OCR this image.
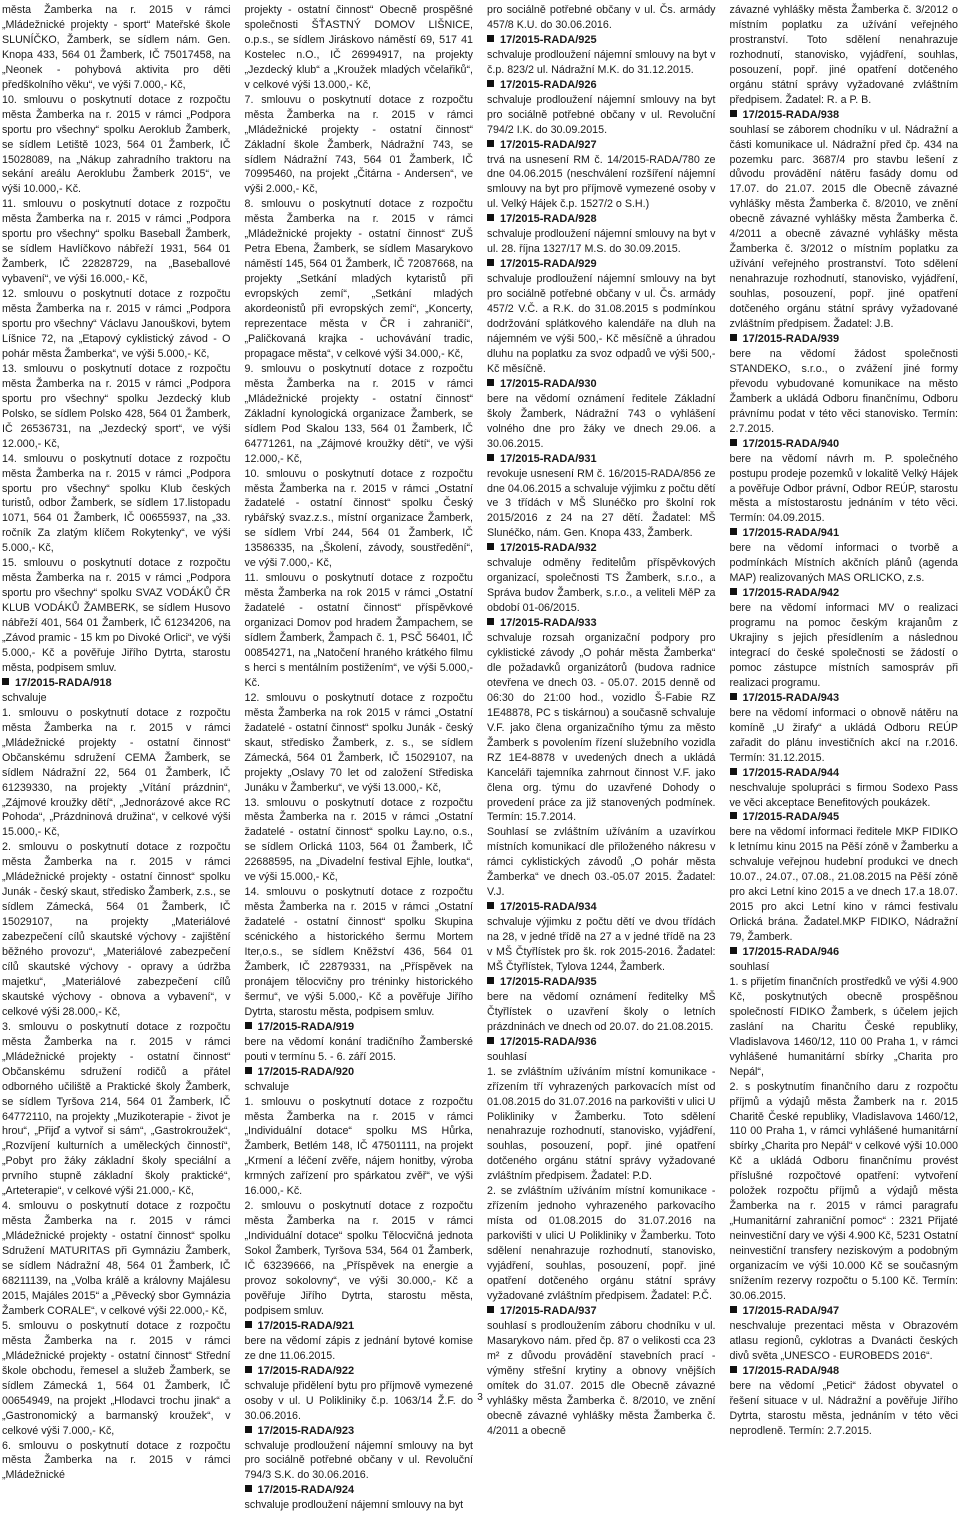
města Žamberka na r. 2015 v rámci „Mládežnické projekty - sport“ Mateřské škole SLUNÍČKO, Žamberk, se sídlem nám. Gen. Knopa 433, 564 01 Žamberk, IČ 75017458, na „Neonek - pohybová aktivita pro děti předškolního věku“, ve výši 7.000,- Kč,

10. smlouvu o poskytnutí dotace z rozpočtu města Žamberka na r. 2015 v rámci „Podpora sportu pro všechny“ spolku Aeroklub Žamberk, se sídlem Letiště 1023, 564 01 Žamberk, IČ 15028089, na „Nákup zahradního traktoru na sekání areálu Aeroklubu Žamberk 2015“, ve výši 10.000,- Kč.

11. smlouvu o poskytnutí dotace z rozpočtu města Žamberka na r. 2015 v rámci „Podpora sportu pro všechny“ spolku Baseball Žamberk, se sídlem Havlíčkovo nábřeží 1931, 564 01 Žamberk, IČ 22828729, na „Baseballové vybavení“, ve výši 16.000,- Kč,

12. smlouvu o poskytnutí dotace z rozpočtu města Žamberka na r. 2015 v rámci „Podpora sportu pro všechny“ Václavu Janouškovi, bytem Líšnice 72, na „Etapový cyklistický závod - O pohár města Žamberka“, ve výši 5.000,- Kč,

13. smlouvu o poskytnutí dotace z rozpočtu města Žamberka na r. 2015 v rámci „Podpora sportu pro všechny“ spolku Jezdecký klub Polsko, se sídlem Polsko 428, 564 01 Žamberk, IČ 26536731, na „Jezdecký sport“, ve výši 12.000,- Kč,

14. smlouvu o poskytnutí dotace z rozpočtu města Žamberka na r. 2015 v rámci „Podpora sportu pro všechny“ spolku Klub českých turistů, odbor Žamberk, se sídlem 17.listopadu 1071, 564 01 Žamberk, IČ 00655937, na „33. ročník Za zlatým klíčem Rokytenky“, ve výši 5.000,- Kč,

15. smlouvu o poskytnutí dotace z rozpočtu města Žamberka na r. 2015 v rámci „Podpora sportu pro všechny“ spolku SVAZ VODÁKŮ ČR KLUB VODÁKŮ ŽAMBERK, se sídlem Husovo nábřeží 401, 564 01 Žamberk, IČ 61234206, na „Závod pramic - 15 km po Divoké Orlici“, ve výši 5.000,- Kč a pověřuje Jiřího Dytrta, starostu města, podpisem smluv.

17/2015-RADA/918

schvaluje

1. smlouvu o poskytnutí dotace z rozpočtu města Žamberka na r. 2015 v rámci „Mládežnické projekty - ostatní činnost“ Občanskému sdružení CEMA Žamberk, se sídlem Nádražní 22, 564 01 Žamberk, IČ 61239330, na projekty „Vítání prázdnin“, „Zájmové kroužky dětí“, „Jednorázové akce RC Pohoda“, „Prázdninová družina“, v celkové výši 15.000,- Kč,

2. smlouvu o poskytnutí dotace z rozpočtu města Žamberka na r. 2015 v rámci „Mládežnické projekty - ostatní činnost“ spolku Junák - český skaut, středisko Žamberk, z.s., se sídlem Zámecká, 564 01 Žamberk, IČ 15029107, na projekty „Materiálové zabezpečení cílů skautské výchovy - zajištění běžného provozu“, „Materiálové zabezpečení cílů skautské výchovy - opravy a údržba majetku“, „Materiálové zabezpečení cílů skautské výchovy - obnova a vybavení“, v celkové výši 28.000,- Kč,

3. smlouvu o poskytnutí dotace z rozpočtu města Žamberka na r. 2015 v rámci „Mládežnické projekty - ostatní činnost“ Občanskému sdružení rodičů a přátel odborného učiliště a Praktické školy Žamberk, se sídlem Tyršova 214, 564 01 Žamberk, IČ 64772110, na projekty „Muzikoterapie - život je hrou“, „Přijď a vytvoř si sám“, „Gastrokroužek“, „Rozvíjení kulturních a uměleckých činností“, „Pobyt pro žáky základní školy speciální a prvního stupně základní školy praktické“, „Arteterapie“, v celkové výši 21.000,- Kč,

4. smlouvu o poskytnutí dotace z rozpočtu města Žamberka na r. 2015 v rámci „Mládežnické projekty - ostatní činnost“ spolku Sdružení MATURITAS při Gymnáziu Žamberk, se sídlem Nádražní 48, 564 01 Žamberk, IČ 68211139, na „Volba králě a královny Majálesu 2015, Majáles 2015“ a „Pěvecký sbor Gymnázia Žamberk CORALE“, v celkové výši 22.000,- Kč,

5. smlouvu o poskytnutí dotace z rozpočtu města Žamberka na r. 2015 v rámci „Mládežnické projekty - ostatní činnost“ Střední škole obchodu, řemesel a služeb Žamberk, se sídlem Zámecká 1, 564 01 Žamberk, IČ 00654949, na projekt „Hlodavci trochu jinak“ a „Gastronomický a barmanský kroužek“, v celkové výši 7.000,- Kč,

6. smlouvu o poskytnutí dotace z rozpočtu města Žamberka na r. 2015 v rámci „Mládežnické

projekty - ostatní činnost“ Obecně prospěšné společnosti ŠŤASTNÝ DOMOV LIŠNICE, o.p.s., se sídlem Jiráskovo náměstí 69, 517 41 Kostelec n.O., IČ 26994917, na projekty „Jezdecký klub“ a „Kroužek mladých včelařiků“, v celkové výši 13.000,- Kč,

7. smlouvu o poskytnutí dotace z rozpočtu města Žamberka na r. 2015 v rámci „Mládežnické projekty - ostatní činnost“ Základní škole Žamberk, Nádražní 743, se sídlem Nádražní 743, 564 01 Žamberk, IČ 70995460, na projekt „Čitárna - Andersen“, ve výši 2.000,- Kč,

8. smlouvu o poskytnutí dotace z rozpočtu města Žamberka na r. 2015 v rámci „Mládežnické projekty - ostatní činnost“ ZUŠ Petra Ebena, Žamberk, se sídlem Masarykovo náměstí 145, 564 01 Žamberk, IČ 72087668, na projekty „Setkání mladých kytaristů při evropských zemí“, „Setkání mladých akordeonistů při evropských zemí“, „Koncerty, reprezentace města v ČR i zahraničí“, „Paličkovaná krajka - uchovávání tradic, propagace města“, v celkové výši 34.000,- Kč,

9. smlouvu o poskytnutí dotace z rozpočtu města Žamberka na r. 2015 v rámci „Mládežnické projekty - ostatní činnost“ Základní kynologická organizace Žamberk, se sídlem Pod Skalou 133, 564 01 Žamberk, IČ 64771261, na „Zájmové kroužky dětí“, ve výši 12.000,- Kč,

10. smlouvu o poskytnutí dotace z rozpočtu města Žamberka na r. 2015 v rámci „Ostatní žadatelé - ostatní činnost“ spolku Český rybářský svaz.z.s., místní organizace Žamberk, se sídlem Vrbí 244, 564 01 Žamberk, IČ 13586335, na „Školení, závody, soustředění“, ve výši 7.000,- Kč,

11. smlouvu o poskytnutí dotace z rozpočtu města Žamberka na rok 2015 v rámci „Ostatní žadatelé - ostatní činnost“ příspěvkové organizaci Domov pod hradem Žampachem, se sídlem Žamberk, Žampach č. 1, PSČ 56401, IČ 00854271, na „Natočení hraného krátkého filmu s herci s mentálním postižením“, ve výši 5.000,- Kč.

12. smlouvu o poskytnutí dotace z rozpočtu města Žamberka na rok 2015 v rámci „Ostatní žadatelé - ostatní činnost“ spolku Junák - český skaut, středisko Žamberk, z. s., se sídlem Zámecká, 564 01 Žamberk, IČ 15029107, na projekty „Oslavy 70 let od založení Střediska Junáku v Žamberku“, ve výši 13.000,- Kč,

13. smlouvu o poskytnutí dotace z rozpočtu města Žamberka na r. 2015 v rámci „Ostatní žadatelé - ostatní činnost“ spolku Lay.no, o.s., se sídlem Orlická 1103, 564 01 Žamberk, IČ 22688595, na „Divadelní festival Ejhle, loutka“, ve výši 15.000,- Kč,

14. smlouvu o poskytnutí dotace z rozpočtu města Žamberka na r. 2015 v rámci „Ostatní žadatelé - ostatní činnost“ spolku Skupina scénického a historického šermu Mortem Iter,o.s., se sídlem Kněžství 436, 564 01 Žamberk, IČ 22879331, na „Příspěvek na pronájem tělocvičny pro tréninky historického šermu“, ve výši 5.000,- Kč a pověřuje Jiřího Dytrta, starostu města, podpisem smluv.

17/2015-RADA/919

bere na vědomí konání tradičního Žamberské pouti v termínu 5. - 6. září 2015.

17/2015-RADA/920

schvaluje

1. smlouvu o poskytnutí dotace z rozpočtu města Žamberka na r. 2015 v rámci „Individuální dotace“ spolku MS Hůrka, Žamberk, Betlém 148, IČ 47501111, na projekt „Krmení a léčení zvěře, nájem honitby, výroba krmných zařízení pro spárkatou zvěř“, ve výši 16.000,- Kč.

2. smlouvu o poskytnutí dotace z rozpočtu města Žamberka na r. 2015 v rámci „Individuální dotace“ spolku Tělocvičná jednota Sokol Žamberk, Tyršova 534, 564 01 Žamberk, IČ 63239666, na „Příspěvek na energie a provoz sokolovny“, ve výši 30.000,- Kč a pověřuje Jiřího Dytrta, starostu města, podpisem smluv.

17/2015-RADA/921

bere na vědomí zápis z jednání bytové komise ze dne 11.06.2015.

17/2015-RADA/922

schvaluje přidělení bytu pro příjmově vymezené osoby v ul. U Polikliniky č.p. 1063/14 Ž.F. do 30.06.2016.

17/2015-RADA/923

schvaluje prodloužení nájemní smlouvy na byt pro sociálně potřebné občany v ul. Revoluční 794/3 S.K. do 30.06.2016.

17/2015-RADA/924

schvaluje prodloužení nájemní smlouvy na byt

pro sociálně potřebné občany v ul. Čs. armády 457/8 K.U. do 30.06.2016.

17/2015-RADA/925

schvaluje prodloužení nájemní smlouvy na byt v č.p. 823/2 ul. Nádražní M.K. do 31.12.2015.

17/2015-RADA/926

schvaluje prodloužení nájemní smlouvy na byt pro sociálně potřebné občany v ul. Revoluční 794/2 I.K. do 30.09.2015.

17/2015-RADA/927

trvá na usnesení RM č. 14/2015-RADA/780 ze dne 04.06.2015 (neschválení rozšíření nájemní smlouvy na byt pro příjmově vymezené osoby v ul. Velký Hájek č.p. 1527/2 o S.H.)

17/2015-RADA/928

schvaluje prodloužení nájemní smlouvy na byt v ul. 28. října 1327/17 M.S. do 30.09.2015.

17/2015-RADA/929

schvaluje prodloužení nájemní smlouvy na byt pro sociálně potřebné občany v ul. Čs. armády 457/2 V.Č. a R.K. do 31.08.2015 s podmínkou dodržování splátkového kalendáře na dluh na nájemném ve výši 500,- Kč měsíčně a úhradou dluhu na poplatku za svoz odpadů ve výši 500,- Kč měsíčně.

17/2015-RADA/930

bere na vědomí oznámení ředitele Základní školy Žamberk, Nádražní 743 o vyhlášení volného dne pro žáky ve dnech 29.06. a 30.06.2015.

17/2015-RADA/931

revokuje usnesení RM č. 16/2015-RADA/856 ze dne 04.06.2015 a schvaluje výjimku z počtu dětí ve 3 třídách v MŠ Slunéčko pro školní rok 2015/2016 z 24 na 27 dětí. Žadatel: MŠ Slunéčko, nám. Gen. Knopa 433, Žamberk.

17/2015-RADA/932

schvaluje odměny ředitelům příspěvkových organizací, společnosti TS Žamberk, s.r.o., a Správa budov Žamberk, s.r.o., a veliteli MěP za období 01-06/2015.

17/2015-RADA/933

schvaluje rozsah organizační podpory pro cyklistické závody „O pohár města Žamberka“ dle požadavků organizátorů (budova radnice otevřena ve dnech 03. - 05.07. 2015 denně od 06:30 do 21:00 hod., vozidlo Š-Fabie RZ 1E48878, PC s tiskárnou) a současně schvaluje V.F. jako člena organizačního týmu za město Žamberk s povolením řízení služebního vozidla RZ 1E4-8878 v uvedených dnech a ukládá Kanceláři tajemníka zahrnout činnost V.F. jako člena org. týmu do uzavřené Dohody o provedení práce za již stanovených podmínek. Termín: 15.7.2014.

Souhlasí se zvláštním užíváním a uzavírkou místních komunikací dle přiloženého nákresu v rámci cyklistických závodů „O pohár města Žamberka“ ve dnech 03.-05.07 2015. Žadatel: V.J.

17/2015-RADA/934

schvaluje výjimku z počtu dětí ve dvou třídách na 28, v jedné třídě na 27 a v jedné třídě na 23 v MŠ Čtyřlístek pro šk. rok 2015-2016. Žadatel: MŠ Čtyřlístek, Tylova 1244, Žamberk.

17/2015-RADA/935

bere na vědomí oznámení ředitelky MŠ Čtyřlístek o uzavření školy o letních prázdninách ve dnech od 20.07. do 21.08.2015.

17/2015-RADA/936

souhlasí

1. se zvláštním užíváním místní komunikace - zřízením tří vyhrazených parkovacích míst od 01.08.2015 do 31.07.2016 na parkovišti v ulici U Polikliniky v Žamberku. Toto sdělení nenahrazuje rozhodnutí, stanovisko, vyjádření, souhlas, posouzení, popř. jiné opatření dotčeného orgánu státní správy vyžadované zvláštním předpisem. Žadatel: P.D.

2. se zvláštním užíváním místní komunikace - zřízením jednoho vyhrazeného parkovacího místa od 01.08.2015 do 31.07.2016 na parkovišti v ulici U Polikliniky v Žamberku. Toto sdělení nenahrazuje rozhodnutí, stanovisko, vyjádření, souhlas, posouzení, popř. jiné opatření dotčeného orgánu státní správy vyžadované zvláštním předpisem. Žadatel: P.Č.

17/2015-RADA/937

souhlasí s prodloužením záboru chodníku v ul. Masarykovo nám. před čp. 87 o velikosti cca 23 m² z důvodu provádění stavebních prací - výměny střešní krytiny a obnovy vnějších omítek do 31.07. 2015 dle Obecně závazné vyhlášky města Žamberka č. 8/2010, ve znění obecně závazné vyhlášky města Žamberka č. 4/2011 a obecně

závazné vyhlášky města Žamberka č. 3/2012 o místním poplatku za užívání veřejného prostranství. Toto sdělení nenahrazuje rozhodnutí, stanovisko, vyjádření, souhlas, posouzení, popř. jiné opatření dotčeného orgánu státní správy vyžadované zvláštním předpisem. Žadatel: R. a P. B.

17/2015-RADA/938

souhlasí se záborem chodníku v ul. Nádražní a části komunikace ul. Nádražní před čp. 434 na pozemku parc. 3687/4 pro stavbu lešení z důvodu provádění nátěru fasády domu od 17.07. do 21.07. 2015 dle Obecně závazné vyhlášky města Žamberka č. 8/2010, ve znění obecně závazné vyhlášky města Žamberka č. 4/2011 a obecně závazné vyhlášky města Žamberka č. 3/2012 o místním poplatku za užívání veřejného prostranství. Toto sdělení nenahrazuje rozhodnutí, stanovisko, vyjádření, souhlas, posouzení, popř. jiné opatření dotčeného orgánu státní správy vyžadované zvláštním předpisem. Žadatel: J.B.

17/2015-RADA/939

bere na vědomí žádost společnosti STANDEKO, s.r.o., o zvážení jiné formy převodu vybudované komunikace na město Žamberk a ukládá Odboru finančnímu, Odboru právnímu podat v této věci stanovisko. Termín: 2.7.2015.

17/2015-RADA/940

bere na vědomí návrh m. P. společného postupu prodeje pozemků v lokalitě Velký Hájek a pověřuje Odbor právní, Odbor REÚP, starostu města a místostarostu jednáním v této věci. Termín: 04.09.2015.

17/2015-RADA/941

bere na vědomí informaci o tvorbě a podmínkách Místních akčních plánů (agenda MAP) realizovaných MAS ORLICKO, z.s.

17/2015-RADA/942

bere na vědomí informaci MV o realizaci programu na pomoc českým krajanům z Ukrajiny s jejich přesídlením a následnou integrací do české společnosti se žádostí o pomoc zástupce místních samospráv při realizaci programu.

17/2015-RADA/943

bere na vědomí informaci o obnově nátěru na komíně „U žirafy“ a ukládá Odboru REÚP zařadit do plánu investičních akcí na r.2016. Termín: 31.12.2015.

17/2015-RADA/944

neschvaluje spolupráci s firmou Sodexo Pass ve věci akceptace Benefitových poukázek.

17/2015-RADA/945

bere na vědomí informaci ředitele MKP FIDIKO k letnímu kinu 2015 na Pěší zóně v Žamberku a schvaluje veřejnou hudební produkci ve dnech 10.07., 24.07., 07.08., 21.08.2015 na Pěší zóně pro akci Letní kino 2015 a ve dnech 17.a 18.07. 2015 pro akci Letní kino v rámci festivalu Orlická brána. Žadatel.MKP FIDIKO, Nádražní 79, Žamberk.

17/2015-RADA/946

souhlasí

1. s přijetím finančních prostředků ve výši 4.900 Kč, poskytnutých obecně prospěšnou společností FIDIKO Žamberk, s účelem jejich zaslání na Charitu České republiky, Vladislavova 1460/12, 110 00 Praha 1, v rámci vyhlášené humanitární sbírky „Charita pro Nepál“,

2. s poskytnutím finančního daru z rozpočtu příjmů a výdajů města Žamberk na r. 2015 Charitě České republiky, Vladislavova 1460/12, 110 00 Praha 1, v rámci vyhlášené humanitární sbírky „Charita pro Nepál“ v celkové výši 10.000 Kč a ukládá Odboru finančnímu provést příslušné rozpočtové opatření: vytvoření položek rozpočtu příjmů a výdajů města Žamberka na r. 2015 v rámci paragrafu „Humanitární zahraniční pomoc“ : 2321 Přijaté neinvestiční dary ve výši 4.900 Kč, 5231 Ostatní neinvestiční transfery neziskovým a podobným organizacím ve výši 10.000 Kč se současným snížením rezervy rozpočtu o 5.100 Kč. Termín: 30.06.2015.

17/2015-RADA/947

neschvaluje prezentaci města v Obrazovém atlasu regionů, cyklotras a Dvanácti českých divů světa „UNESCO - EUROBEDS 2016“.

17/2015-RADA/948

bere na vědomí „Petici“ žádost obyvatel o řešení situace v ul. Nádražní a pověřuje Jiřího Dytrta, starostu města, jednáním v této věci neprodleně. Termín: 2.7.2015.

3
